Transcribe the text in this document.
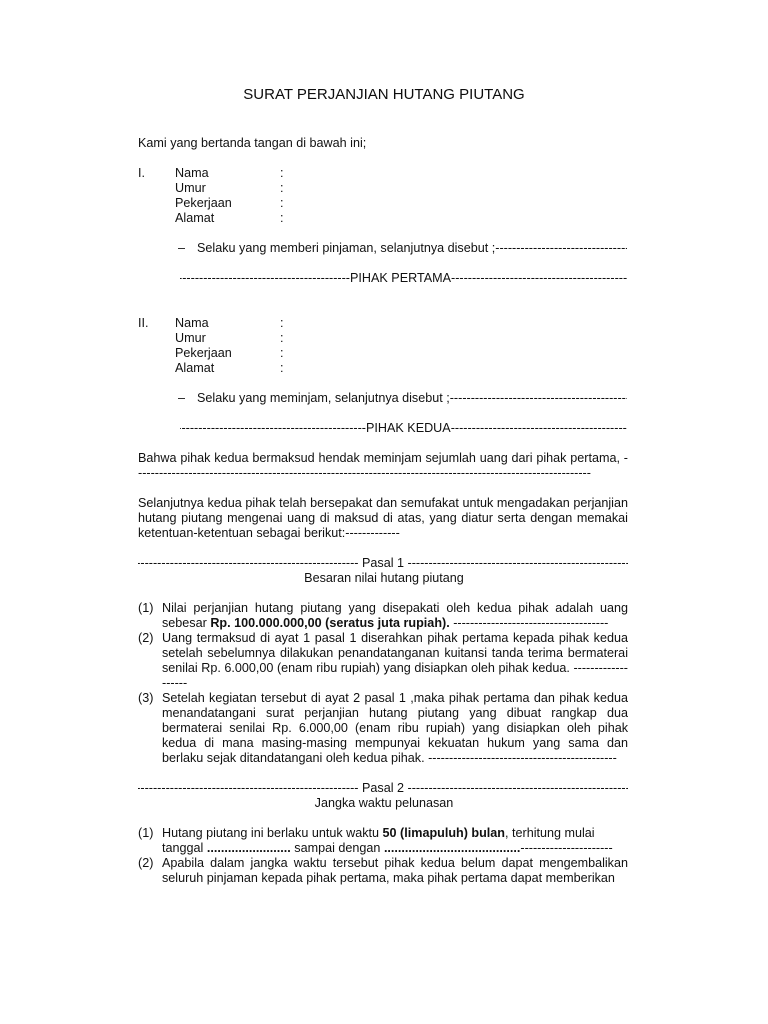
SURAT PERJANJIAN HUTANG PIUTANG
Kami yang bertanda tangan di bawah ini;
I. Nama	:
Umur	:
Pekerjaan	:
Alamat	:
– Selaku yang memberi pinjaman, selanjutnya disebut ;
-----
-----
PIHAK PERTAMA
-----
II. Nama	:
Umur	:
Pekerjaan	:
Alamat	:
– Selaku yang meminjam, selanjutnya disebut ;
-----
-----
PIHAK KEDUA
-----
Bahwa pihak kedua bermaksud hendak meminjam sejumlah uang dari pihak pertama, -----
Selanjutnya kedua pihak telah bersepakat dan semufakat untuk mengadakan perjanjian hutang piutang mengenai uang di maksud di atas, yang diatur serta dengan memakai ketentuan-ketentuan sebagai berikut:-------------
-----
Pasal 1
-----
Besaran nilai hutang piutang
(1) Nilai perjanjian hutang piutang yang disepakati oleh kedua pihak adalah uang sebesar Rp. 100.000.000,00 (seratus juta rupiah). -------------------------------------
(2) Uang termaksud di ayat 1 pasal 1 diserahkan pihak pertama kepada pihak kedua setelah sebelumnya dilakukan penandatanganan kuitansi tanda terima bermaterai senilai Rp. 6.000,00 (enam ribu rupiah) yang disiapkan oleh pihak kedua. -------------------
(3) Setelah kegiatan tersebut di ayat 2 pasal 1 ,maka pihak pertama dan pihak kedua menandatangani surat perjanjian hutang piutang yang dibuat rangkap dua bermaterai senilai Rp. 6.000,00 (enam ribu rupiah) yang disiapkan oleh pihak kedua di mana masing-masing mempunyai kekuatan hukum yang sama dan berlaku sejak ditandatangani oleh kedua pihak. ---------------------------------------------
-----
Pasal 2
-----
Jangka waktu pelunasan
(1) Hutang piutang ini berlaku untuk waktu 50 (limapuluh) bulan, terhitung mulai
tanggal ........................ sampai dengan .......................................----------------------
(2) Apabila dalam jangka waktu tersebut pihak kedua belum dapat mengembalikan seluruh pinjaman kepada pihak pertama, maka pihak pertama dapat memberikan
